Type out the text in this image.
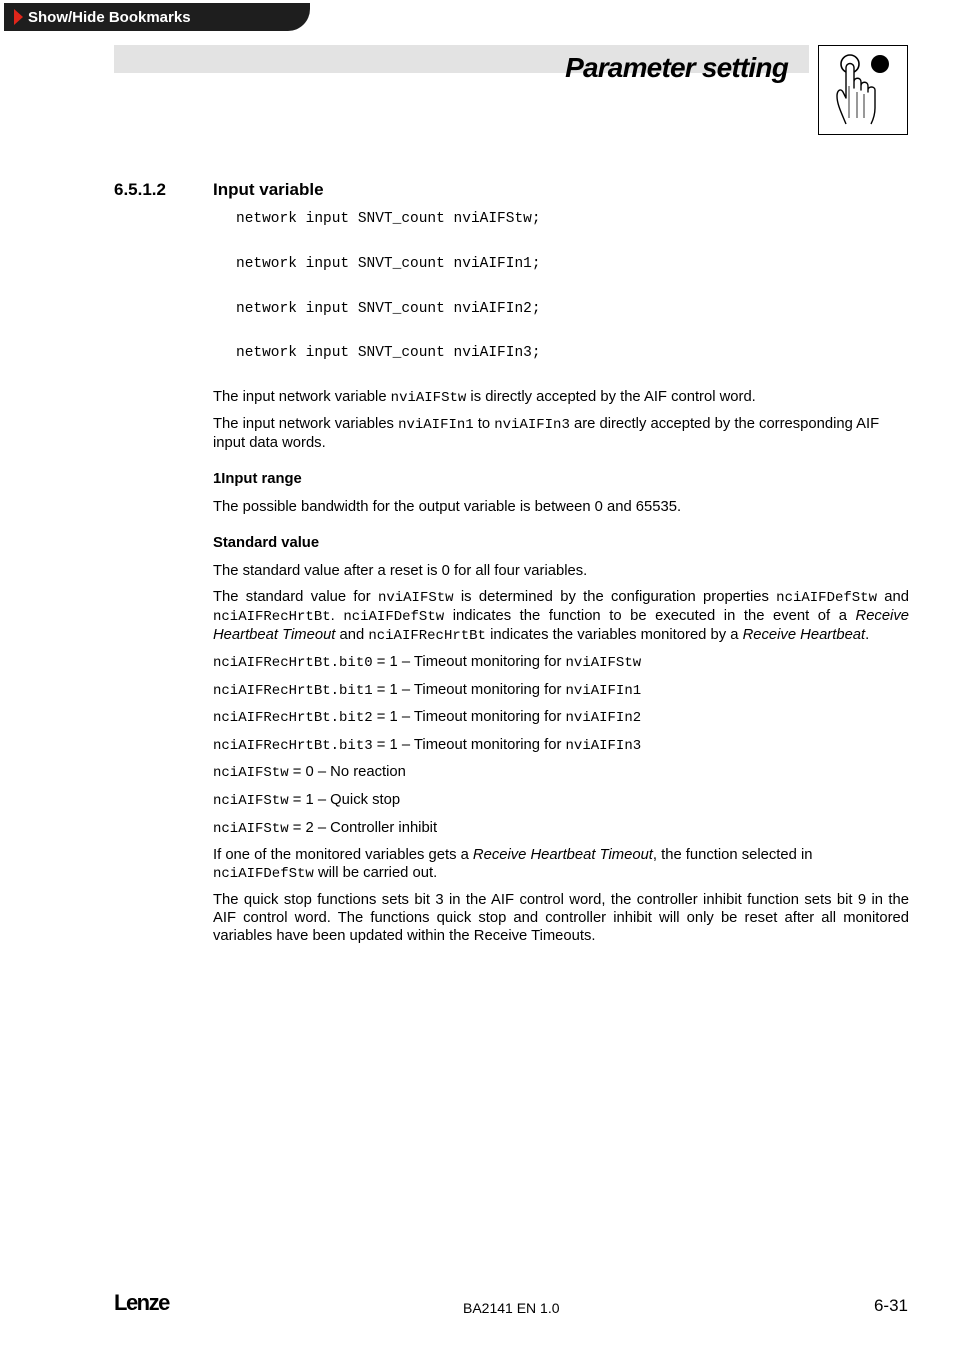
Show/Hide Bookmarks
Parameter setting
6.5.1.2	Input variable
network input SNVT_count nviAIFStw;
network input SNVT_count nviAIFIn1;
network input SNVT_count nviAIFIn2;
network input SNVT_count nviAIFIn3;

The input network variable nviAIFStw is directly accepted by the AIF control word.

The input network variables nviAIFIn1 to nviAIFIn3 are directly accepted by the corresponding AIF input data words.

1Input range

The possible bandwidth for the output variable is between 0 and 65535.

Standard value

The standard value after a reset is 0 for all four variables.

The standard value for nviAIFStw is determined by the configuration properties nciAIFDefStw and nciAIFRecHrtBt. nciAIFDefStw indicates the function to be executed in the event of a Receive Heartbeat Timeout and nciAIFRecHrtBt indicates the variables monitored by a Receive Heartbeat.

nciAIFRecHrtBt.bit0 = 1 – Timeout monitoring for nviAIFStw

nciAIFRecHrtBt.bit1 = 1 – Timeout monitoring for nviAIFIn1

nciAIFRecHrtBt.bit2 = 1 – Timeout monitoring for nviAIFIn2

nciAIFRecHrtBt.bit3 = 1 – Timeout monitoring for nviAIFIn3

nciAIFStw = 0 – No reaction

nciAIFStw = 1 – Quick stop

nciAIFStw = 2 – Controller inhibit

If one of the monitored variables gets a Receive Heartbeat Timeout, the function selected in nciAIFDefStw will be carried out.

The quick stop functions sets bit 3 in the AIF control word, the controller inhibit function sets bit 9 in the AIF control word. The functions quick stop and controller inhibit will only be reset after all monitored variables have been updated within the Receive Timeouts.

Lenze	BA2141 EN 1.0	6-31
